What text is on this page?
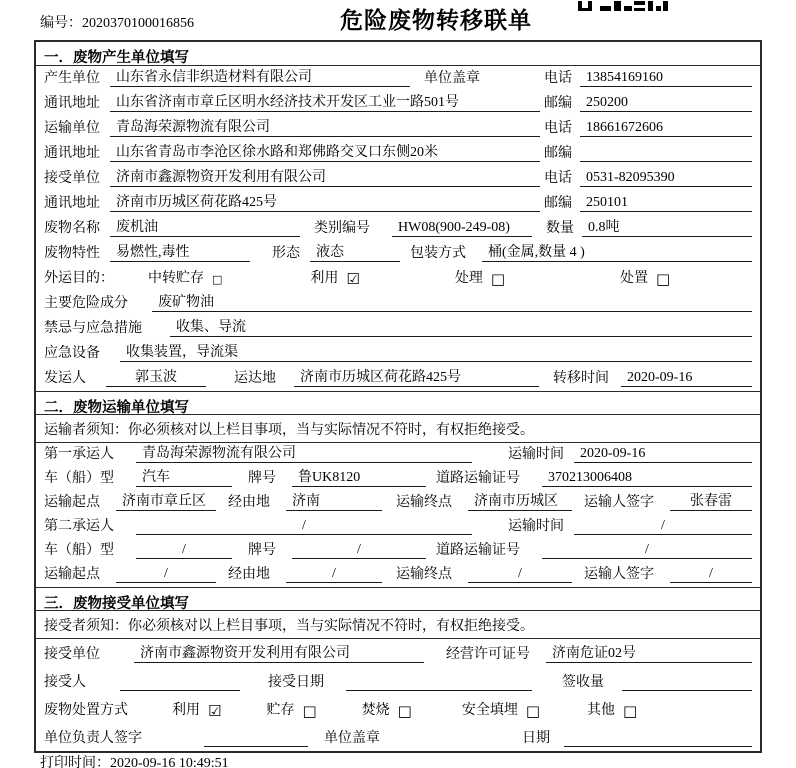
编号：2020370100016856	危险废物转移联单
一．废物产生单位填写
产生单位	山东省永信非织造材料有限公司	单位盖章	电话	13854169160
通讯地址	山东省济南市章丘区明水经济技术开发区工业一路501号	邮编	250200
运输单位	青岛海荣源物流有限公司	电话	18661672606
通讯地址	山东省青岛市李沧区徐水路和郑佛路交叉口东侧20米	邮编
接受单位	济南市鑫源物资开发利用有限公司	电话	0531-82095390
通讯地址	济南市历城区荷花路425号	邮编	250101
废物名称	废机油	类别编号	HW08(900-249-08)	数量	0.8吨
废物特性	易燃性,毒性	形态	液态	包装方式	桶(金属,数量 4 )
外运目的：	中转贮存 □	利用 ☑	处理 □	处置 □
主要危险成分	废矿物油
禁忌与应急措施	收集、导流
应急设备	收集装置，导流渠
发运人	郭玉波	运达地	济南市历城区荷花路425号	转移时间	2020-09-16
二．废物运输单位填写
运输者须知：你必须核对以上栏目事项，当与实际情况不符时，有权拒绝接受。
第一承运人	青岛海荣源物流有限公司	运输时间	2020-09-16
车（船）型	汽车	牌号	鲁UK8120	道路运输证号	370213006408
运输起点	济南市章丘区	经由地	济南	运输终点	济南市历城区	运输人签字	张春雷
第二承运人	/	运输时间	/
车（船）型	/	牌号	/	道路运输证号	/
运输起点	/	经由地	/	运输终点	/	运输人签字	/
三．废物接受单位填写
接受者须知：你必须核对以上栏目事项，当与实际情况不符时，有权拒绝接受。
接受单位	济南市鑫源物资开发利用有限公司	经营许可证号	济南危证02号
接受人	接受日期	签收量
废物处置方式	利用 ☑	贮存 □	焚烧 □	安全填埋 □	其他 □
单位负责人签字	单位盖章	日期
打印时间：2020-09-16 10:49:51
